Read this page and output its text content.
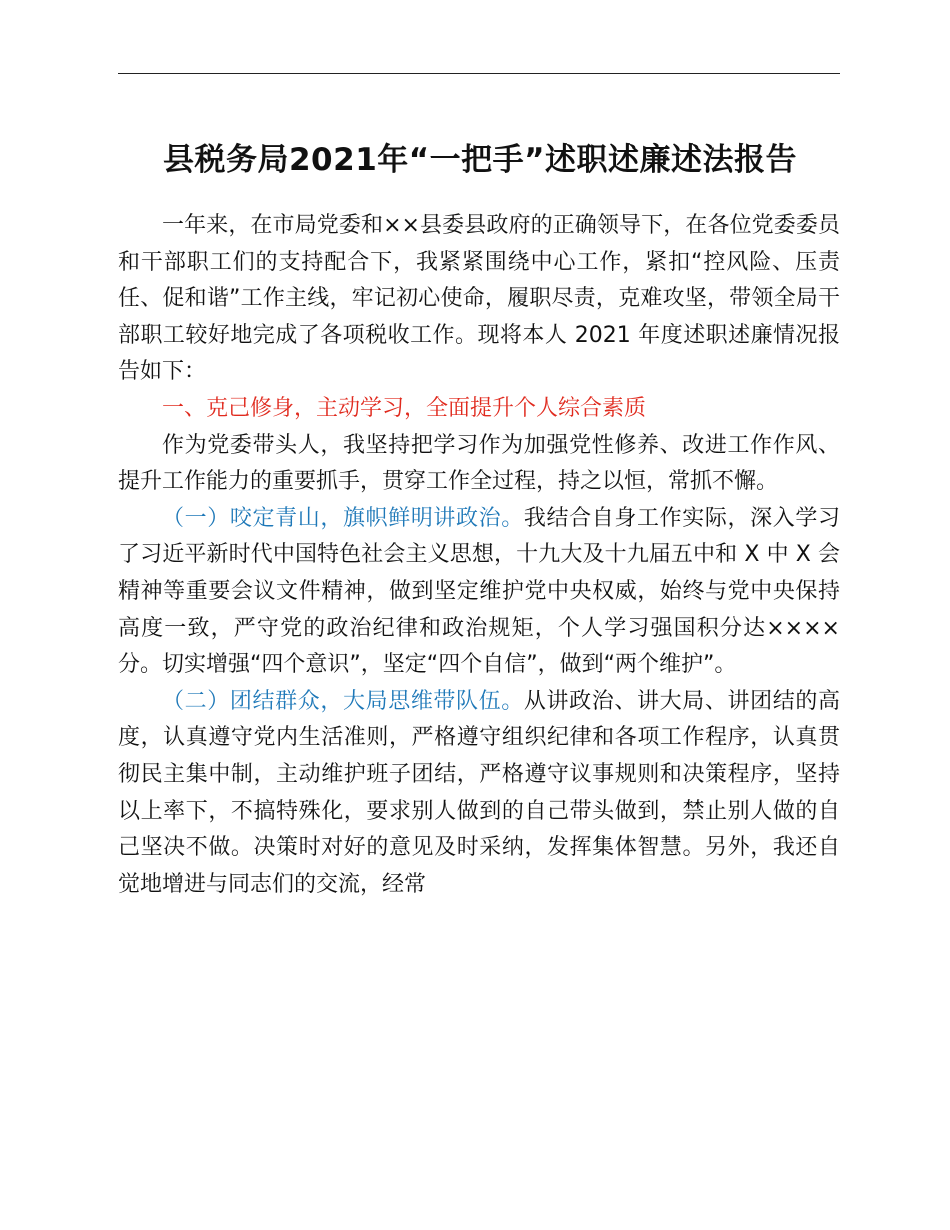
县税务局2021年“一把手”述职述廉述法报告

一年来，在市局党委和××县委县政府的正确领导下，在各位党委委员和干部职工们的支持配合下，我紧紧围绕中心工作，紧扣“控风险、压责任、促和谐”工作主线，牢记初心使命，履职尽责，克难攻坚，带领全局干部职工较好地完成了各项税收工作。现将本人 2021 年度述职述廉情况报告如下：

一、克己修身，主动学习，全面提升个人综合素质

作为党委带头人，我坚持把学习作为加强党性修养、改进工作作风、提升工作能力的重要抓手，贯穿工作全过程，持之以恒，常抓不懈。

（一）咬定青山，旗帜鲜明讲政治。我结合自身工作实际，深入学习了习近平新时代中国特色社会主义思想，十九大及十九届五中和 X 中 X 会精神等重要会议文件精神，做到坚定维护党中央权威，始终与党中央保持高度一致，严守党的政治纪律和政治规矩，个人学习强国积分达××××分。切实增强“四个意识”，坚定“四个自信”，做到“两个维护”。

（二）团结群众，大局思维带队伍。从讲政治、讲大局、讲团结的高度，认真遵守党内生活准则，严格遵守组织纪律和各项工作程序，认真贯彻民主集中制，主动维护班子团结，严格遵守议事规则和决策程序，坚持以上率下，不搞特殊化，要求别人做到的自己带头做到，禁止别人做的自己坚决不做。决策时对好的意见及时采纳，发挥集体智慧。另外，我还自觉地增进与同志们的交流，经常
